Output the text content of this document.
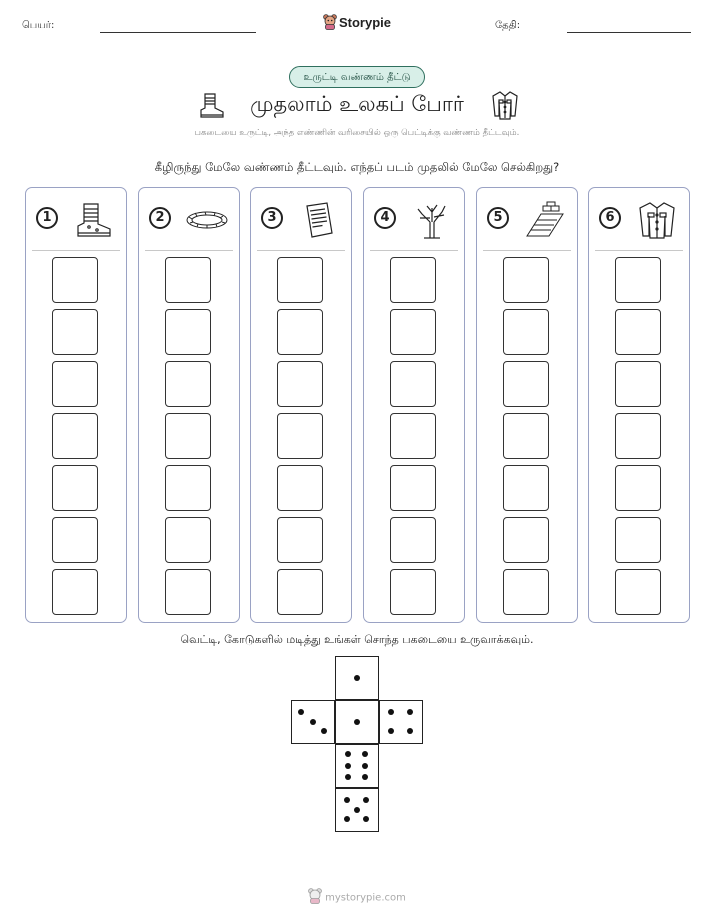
பெயர்:	Storypie	தேதி:
உருட்டி வண்ணம் தீட்டு
முதலாம் உலகப் போர்
பகடையை உருட்டி, அந்த எண்ணின் வரிசையில் ஒரு பெட்டிக்கு வண்ணம் தீட்டவும்.
கீழிருந்து மேலே வண்ணம் தீட்டவும். எந்தப் படம் முதலில் மேலே செல்கிறது?
1	2	3	4	5	6
வெட்டி, கோடுகளில் மடித்து உங்கள் சொந்த பகடையை உருவாக்கவும்.
mystorypie.com
